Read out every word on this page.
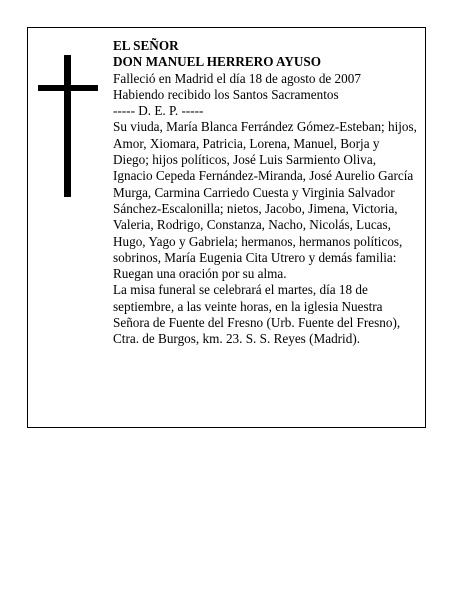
EL SEÑOR

DON MANUEL HERRERO AYUSO

Falleció en Madrid el día 18 de agosto de 2007

Habiendo recibido los Santos Sacramentos

----- D. E. P. -----

Su viuda, María Blanca Ferrández Gómez-Esteban; hijos, Amor, Xiomara, Patricia, Lorena, Manuel, Borja y Diego; hijos políticos, José Luis Sarmiento Oliva, Ignacio Cepeda Fernández-Miranda, José Aurelio García Murga, Carmina Carriedo Cuesta y Virginia Salvador Sánchez-Escalonilla; nietos, Jacobo, Jimena, Victoria, Valeria, Rodrigo, Constanza, Nacho, Nicolás, Lucas, Hugo, Yago y Gabriela; hermanos, hermanos políticos, sobrinos, María Eugenia Cita Utrero y demás familia:

Ruegan una oración por su alma.

La misa funeral se celebrará el martes, día 18 de septiembre, a las veinte horas, en la iglesia Nuestra Señora de Fuente del Fresno (Urb. Fuente del Fresno), Ctra. de Burgos, km. 23. S. S. Reyes (Madrid).
